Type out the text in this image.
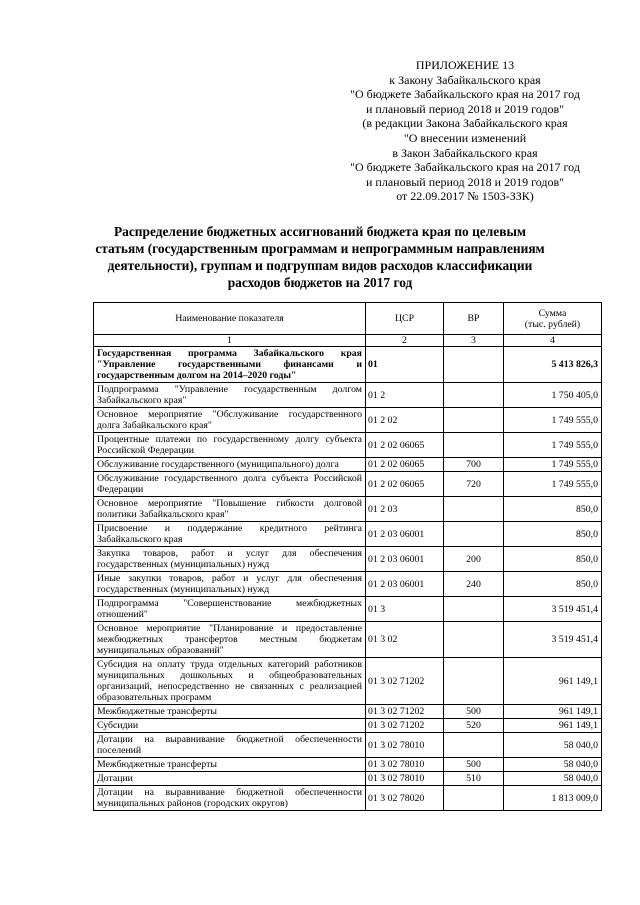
ПРИЛОЖЕНИЕ 13
к Закону Забайкальского края
"О бюджете Забайкальского края на 2017 год
и плановый период 2018 и 2019 годов"
(в редакции Закона Забайкальского края
"О внесении изменений
в Закон Забайкальского края
"О бюджете Забайкальского края на 2017 год
и плановый период 2018 и 2019 годов"
от 22.09.2017 № 1503-ЗЗК)
Распределение бюджетных ассигнований бюджета края по целевым
статьям (государственным программам и непрограммным направлениям
деятельности), группам и подгруппам видов расходов классификации
расходов бюджетов на 2017 год
Наименование показателя	ЦСР	ВР	Сумма
(тыс. рублей)

1	2	3	4
Государственная программа Забайкальского края "Управление государственными финансами и государственным долгом на 2014–2020 годы"	01		5 413 826,3
Подпрограмма "Управление государственным долгом Забайкальского края"	01 2		1 750 405,0
Основное мероприятие "Обслуживание государственного долга Забайкальского края"	01 2 02		1 749 555,0
Процентные платежи по государственному долгу субъекта Российской Федерации	01 2 02 06065		1 749 555,0
Обслуживание государственного (муниципального) долга	01 2 02 06065	700	1 749 555,0
Обслуживание государственного долга субъекта Российской Федерации	01 2 02 06065	720	1 749 555,0
Основное мероприятие "Повышение гибкости долговой политики Забайкальского края"	01 2 03		850,0
Присвоение и поддержание кредитного рейтинга Забайкальского края	01 2 03 06001		850,0
Закупка товаров, работ и услуг для обеспечения государственных (муниципальных) нужд	01 2 03 06001	200	850,0
Иные закупки товаров, работ и услуг для обеспечения государственных (муниципальных) нужд	01 2 03 06001	240	850,0
Подпрограмма "Совершенствование межбюджетных отношений"	01 3		3 519 451,4
Основное мероприятие "Планирование и предоставление межбюджетных трансфертов местным бюджетам муниципальных образований"	01 3 02		3 519 451,4
Субсидия на оплату труда отдельных категорий работников муниципальных дошкольных и общеобразовательных организаций, непосредственно не связанных с реализацией образовательных программ	01 3 02 71202		961 149,1
Межбюджетные трансферты	01 3 02 71202	500	961 149,1
Субсидии	01 3 02 71202	520	961 149,1
Дотации на выравнивание бюджетной обеспеченности поселений	01 3 02 78010		58 040,0
Межбюджетные трансферты	01 3 02 78010	500	58 040,0
Дотации	01 3 02 78010	510	58 040,0
Дотации на выравнивание бюджетной обеспеченности муниципальных районов (городских округов)	01 3 02 78020		1 813 009,0
